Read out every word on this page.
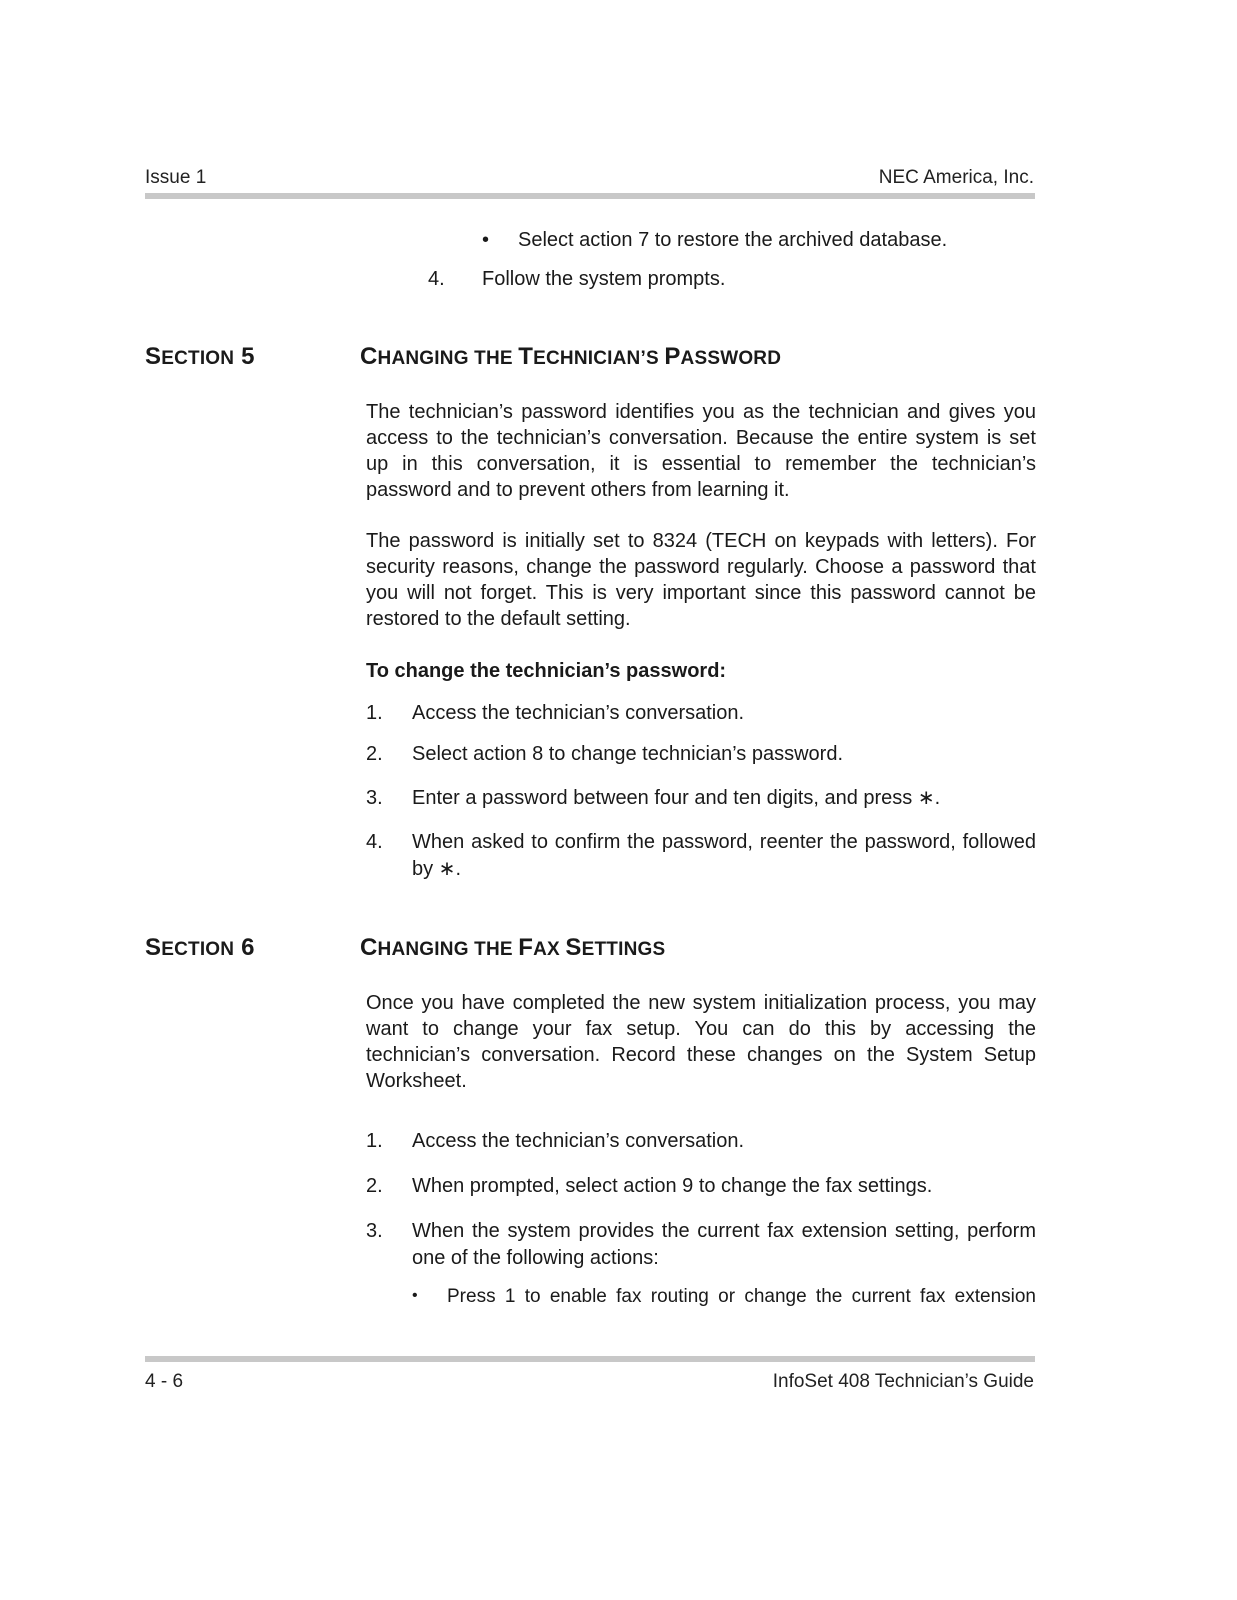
Issue 1	NEC America, Inc.
• Select action 7 to restore the archived database.
4. Follow the system prompts.
SECTION 5	CHANGING THE TECHNICIAN’S PASSWORD
The technician’s password identifies you as the technician and gives you access to the technician’s conversation. Because the entire system is set up in this conversation, it is essential to remember the technician’s password and to prevent others from learning it.
The password is initially set to 8324 (TECH on keypads with letters). For security reasons, change the password regularly. Choose a password that you will not forget. This is very important since this password cannot be restored to the default setting.
To change the technician’s password:
1.	Access the technician’s conversation.
2.	Select action 8 to change technician’s password.
3.	Enter a password between four and ten digits, and press ∗.
4.	When asked to confirm the password, reenter the password, followed by ∗.
SECTION 6	CHANGING THE FAX SETTINGS
Once you have completed the new system initialization process, you may want to change your fax setup. You can do this by accessing the technician’s conversation. Record these changes on the System Setup Worksheet.
1.	Access the technician’s conversation.
2.	When prompted, select action 9 to change the fax settings.
3.	When the system provides the current fax extension setting, perform one of the following actions:
• Press 1 to enable fax routing or change the current fax extension
4 - 6	InfoSet 408 Technician’s Guide
